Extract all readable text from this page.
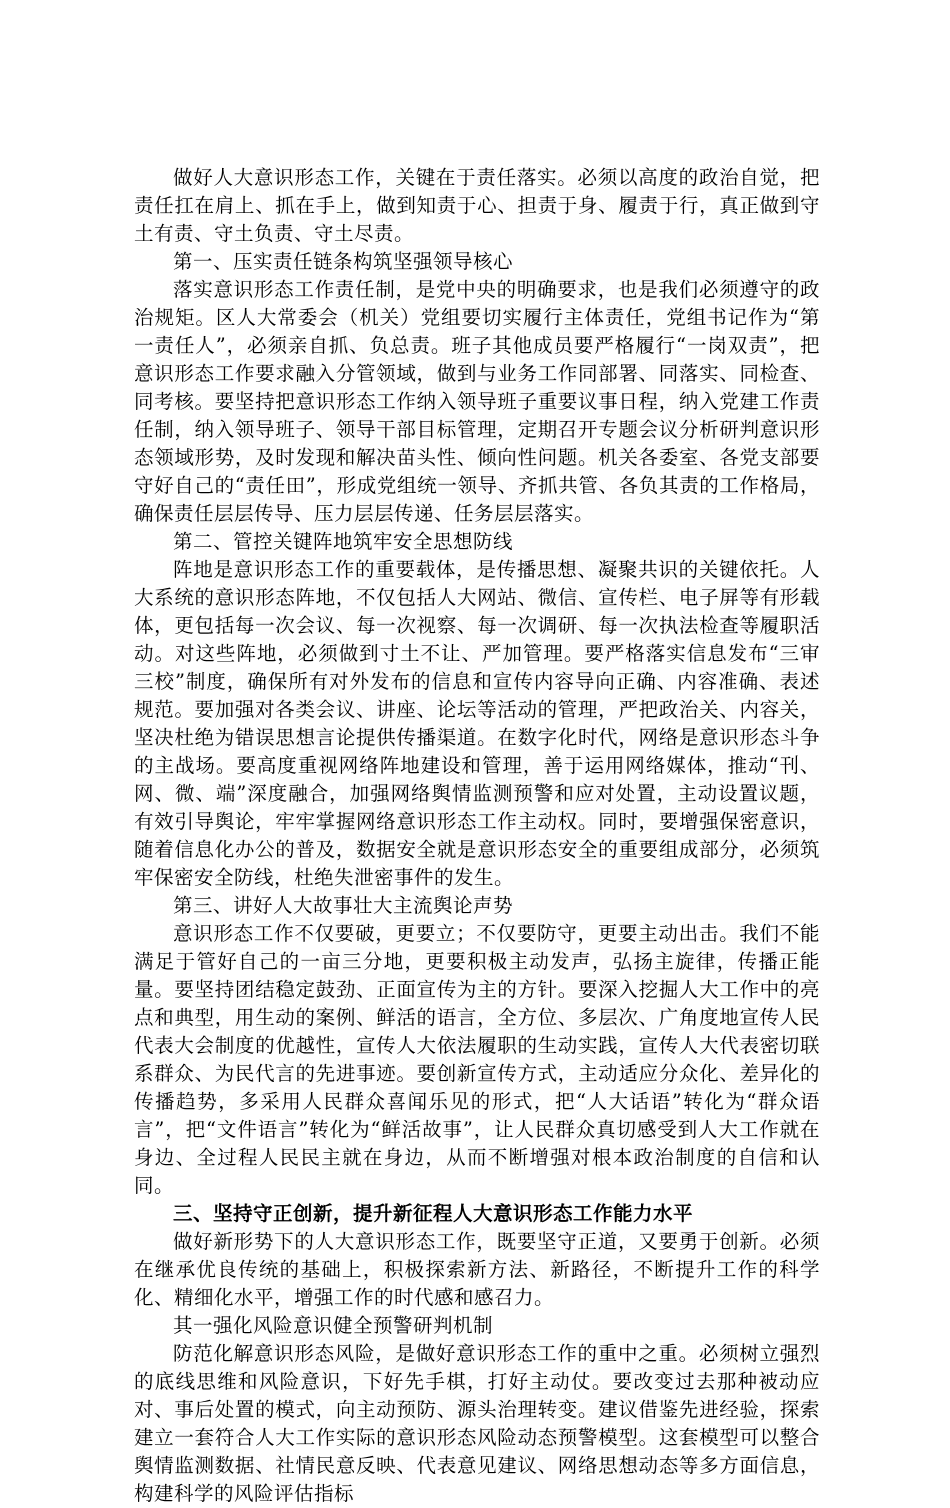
做好人大意识形态工作，关键在于责任落实。必须以高度的政治自觉，把责任扛在肩上、抓在手上，做到知责于心、担责于身、履责于行，真正做到守土有责、守土负责、守土尽责。

第一、压实责任链条构筑坚强领导核心

落实意识形态工作责任制，是党中央的明确要求，也是我们必须遵守的政治规矩。区人大常委会（机关）党组要切实履行主体责任，党组书记作为“第一责任人”，必须亲自抓、负总责。班子其他成员要严格履行“一岗双责”，把意识形态工作要求融入分管领域，做到与业务工作同部署、同落实、同检查、同考核。要坚持把意识形态工作纳入领导班子重要议事日程，纳入党建工作责任制，纳入领导班子、领导干部目标管理，定期召开专题会议分析研判意识形态领域形势，及时发现和解决苗头性、倾向性问题。机关各委室、各党支部要守好自己的“责任田”，形成党组统一领导、齐抓共管、各负其责的工作格局，确保责任层层传导、压力层层传递、任务层层落实。

第二、管控关键阵地筑牢安全思想防线

阵地是意识形态工作的重要载体，是传播思想、凝聚共识的关键依托。人大系统的意识形态阵地，不仅包括人大网站、微信、宣传栏、电子屏等有形载体，更包括每一次会议、每一次视察、每一次调研、每一次执法检查等履职活动。对这些阵地，必须做到寸土不让、严加管理。要严格落实信息发布“三审三校”制度，确保所有对外发布的信息和宣传内容导向正确、内容准确、表述规范。要加强对各类会议、讲座、论坛等活动的管理，严把政治关、内容关，坚决杜绝为错误思想言论提供传播渠道。在数字化时代，网络是意识形态斗争的主战场。要高度重视网络阵地建设和管理，善于运用网络媒体，推动“刊、网、微、端”深度融合，加强网络舆情监测预警和应对处置，主动设置议题，有效引导舆论，牢牢掌握网络意识形态工作主动权。同时，要增强保密意识，随着信息化办公的普及，数据安全就是意识形态安全的重要组成部分，必须筑牢保密安全防线，杜绝失泄密事件的发生。

第三、讲好人大故事壮大主流舆论声势

意识形态工作不仅要破，更要立；不仅要防守，更要主动出击。我们不能满足于管好自己的一亩三分地，更要积极主动发声，弘扬主旋律，传播正能量。要坚持团结稳定鼓劲、正面宣传为主的方针。要深入挖掘人大工作中的亮点和典型，用生动的案例、鲜活的语言，全方位、多层次、广角度地宣传人民代表大会制度的优越性，宣传人大依法履职的生动实践，宣传人大代表密切联系群众、为民代言的先进事迹。要创新宣传方式，主动适应分众化、差异化的传播趋势，多采用人民群众喜闻乐见的形式，把“人大话语”转化为“群众语言”，把“文件语言”转化为“鲜活故事”，让人民群众真切感受到人大工作就在身边、全过程人民民主就在身边，从而不断增强对根本政治制度的自信和认同。

三、坚持守正创新，提升新征程人大意识形态工作能力水平

做好新形势下的人大意识形态工作，既要坚守正道，又要勇于创新。必须在继承优良传统的基础上，积极探索新方法、新路径，不断提升工作的科学化、精细化水平，增强工作的时代感和感召力。

其一强化风险意识健全预警研判机制

防范化解意识形态风险，是做好意识形态工作的重中之重。必须树立强烈的底线思维和风险意识，下好先手棋，打好主动仗。要改变过去那种被动应对、事后处置的模式，向主动预防、源头治理转变。建议借鉴先进经验，探索建立一套符合人大工作实际的意识形态风险动态预警模型。这套模型可以整合舆情监测数据、社情民意反映、代表意见建议、网络思想动态等多方面信息，构建科学的风险评估指标
